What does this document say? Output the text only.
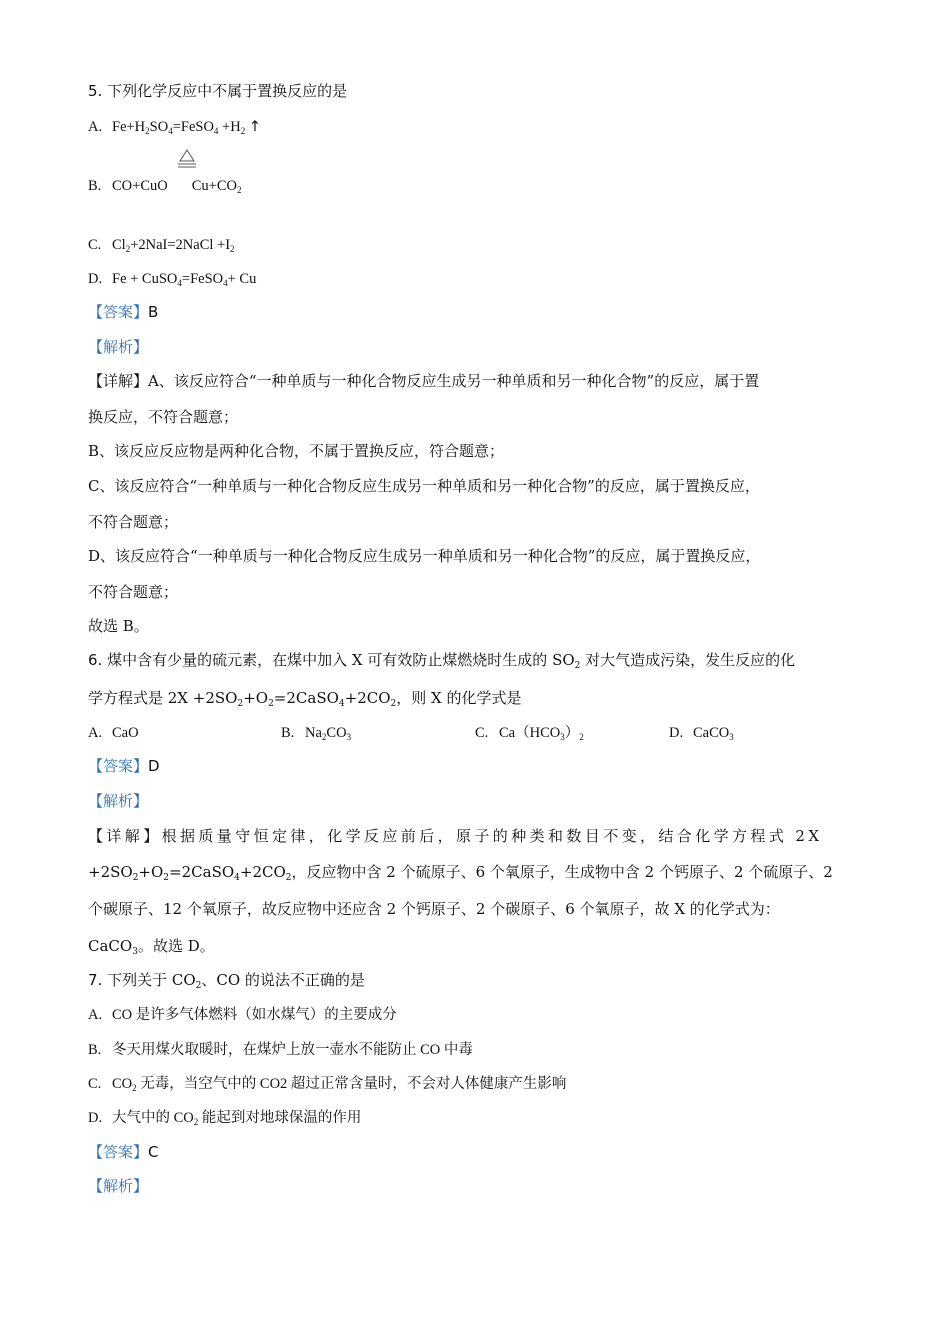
5. 下列化学反应中不属于置换反应的是
A. $Fe+H_2SO_4=FeSO_4 +H_2$ ↑
B. CO+CuO $Cu+CO_2$
C. $Cl_2+2NaI=2NaCl +I_2$
D. Fe + CuSO$_4$=FeSO$_4$+ Cu
【答案】B
【解析】
【详解】A、该反应符合“一种单质与一种化合物反应生成另一种单质和另一种化合物”的反应，属于置
换反应，不符合题意；
B、该反应反应物是两种化合物，不属于置换反应，符合题意；
C、该反应符合“一种单质与一种化合物反应生成另一种单质和另一种化合物”的反应，属于置换反应，
不符合题意；
D、该反应符合“一种单质与一种化合物反应生成另一种单质和另一种化合物”的反应，属于置换反应，
不符合题意；
故选 B。
6. 煤中含有少量的硫元素，在煤中加入 X 可有效防止煤燃烧时生成的 $SO_2$ 对大气造成污染，发生反应的化
学方程式是 $2X +2SO_2+O_2=2CaSO_4+2CO_2$，则 X 的化学式是
A. CaO	B. $Na_2CO_3$	C. $Ca(HCO_3)_2$	D. CaCO$_3$
【答案】D
【解析】
【详解】根据质量守恒定律，化学反应前后，原子的种类和数目不变，结合化学方程式 2X
$+2SO_2+O_2=2CaSO_4+2CO_2$，反应物中含 2 个硫原子、6 个氧原子，生成物中含 2 个钙原子、2 个硫原子、2
个碳原子、12 个氧原子，故反应物中还应含 2 个钙原子、2 个碳原子、6 个氧原子，故 X 的化学式为：
CaCO$_3$。故选 D。
7. 下列关于 $CO_2$、CO 的说法不正确的是
A. CO 是许多气体燃料（如水煤气）的主要成分
B. 冬天用煤火取暖时，在煤炉上放一壶水不能防止 CO 中毒
C. $CO_2$ 无毒，当空气中的 CO2 超过正常含量时，不会对人体健康产生影响
D. 大气中的 $CO_2$ 能起到对地球保温的作用
【答案】C
【解析】
